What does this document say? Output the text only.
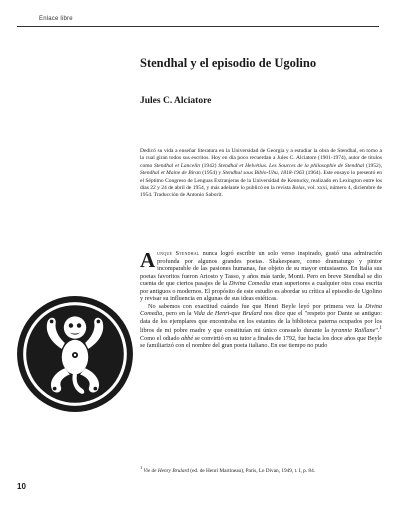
Enlace libre
Stendhal y el episodio de Ugolino
Jules C. Alciatore

Dedicó su vida a enseñar literatura en la Universidad de Georgia y a estudiar la obra de Stendhal, en torno a la cual giran todos sus escritos. Hoy en día poco recuerdan a Jules C. Alciatore (1901-1974), autor de títulos como Stendhal et Lancelin (1942) Stendhal et Helvétius. Les Sources de la philosophie de Stendhal (1952), Stendhal et Maine de Biran (1954) y Stendhal sous Biblo-Ubu, 1818-1963 (1964). Este ensayo lo presentó en el Séptimo Congreso de Lenguas Extranjeras de la Universidad de Kentucky, realizado en Lexington entre los días 22 y 24 de abril de 1954, y más adelante lo publicó en la revista Rolas, vol. xxxi, número 4, diciembre de 1954. Traducción de Antonio Saborit.

Aunque Stendhal nunca logró escribir un solo verso inspirado, gustó una admiración profunda por algunos grandes poetas. Shakespeare, como dramaturgo y pintor incomparable de las pasiones humanas, fue objeto de su mayor entusiasmo. En Italia sus poetas favoritos fueron Ariosto y Tasso, y años más tarde, Monti. Pero en breve Stendhal se dio cuenta de que ciertos pasajes de la Divina Comedia eran superiores a cualquier otra cosa escrita por antiguos o modernos. El propósito de este estudio es abordar su crítica al episodio de Ugolino y revisar su influencia en algunas de sus ideas estéticas.

No sabemos con exactitud cuándo fue que Henri Beyle leyó por primera vez la Divina Comedia, pero en la Vida de Henri-que Brulard nos dice que el "respeto por Dante se antiguo: data de los ejemplares que encontraba en los estantes de la biblioteca paterna ocupados por los libros de mi pobre madre y que constituían mi único consuelo durante la tyrannie Raillane".$^1$ Como el odiado abbé se convirtió en su tutor a finales de 1792, fue hacia los doce años que Beyle se familiarizó con el nombre del gran poeta italiano. En ese tiempo no pudo

$^1$ Vie de Henry Brulard (ed. de Henri Martineau), París, Le Divan, 1949, t. I, p. 84.

10
